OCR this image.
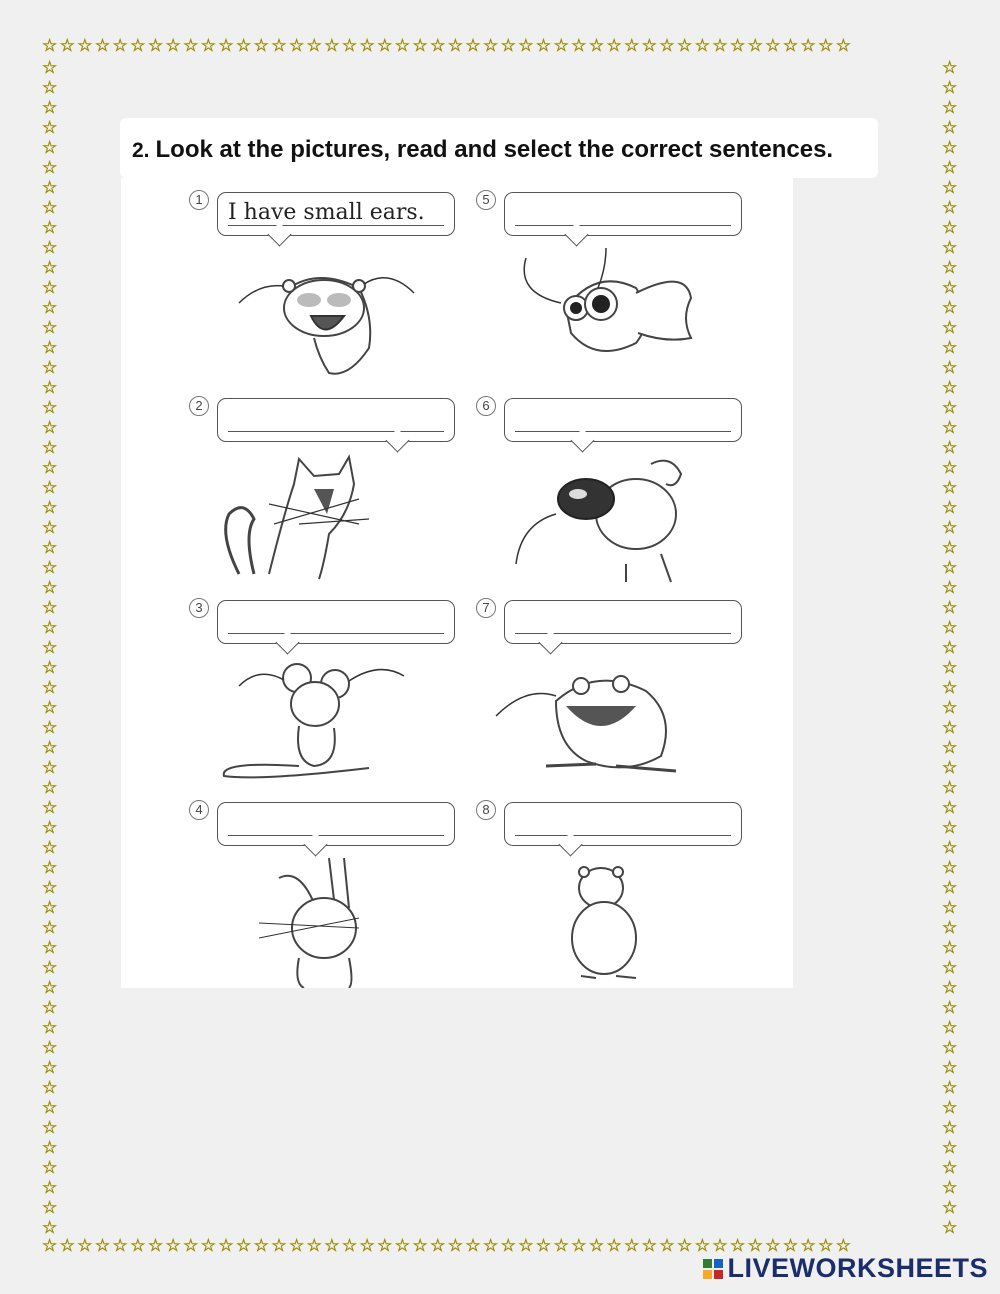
☆☆☆☆☆☆☆☆☆☆☆☆☆☆☆☆☆☆☆☆☆☆☆☆☆☆☆☆☆☆☆☆☆☆☆☆☆☆☆☆☆☆☆☆☆☆
☆☆☆☆☆☆☆☆☆☆☆☆☆☆☆☆☆☆☆☆☆☆☆☆☆☆☆☆☆☆☆☆☆☆☆☆☆☆☆☆☆☆☆☆☆☆
☆
☆
☆
☆
☆
☆
☆
☆
☆
☆
☆
☆
☆
☆
☆
☆
☆
☆
☆
☆
☆
☆
☆
☆
☆
☆
☆
☆
☆
☆
☆
☆
☆
☆
☆
☆
☆
☆
☆
☆
☆
☆
☆
☆
☆
☆
☆
☆
☆
☆
☆
☆
☆
☆
☆
☆
☆
☆
☆
☆
☆
☆
☆
☆
☆
☆
☆
☆
☆
☆
☆
☆
☆
☆
☆
☆
☆
☆
☆
☆
☆
☆
☆
☆
☆
☆
☆
☆
☆
☆
☆
☆
☆
☆
☆
☆
☆
☆
☆
☆
☆
☆
☆
☆
☆
☆
☆
☆
☆
☆
☆
☆
☆
☆
☆
☆
☆
☆
2. Look at the pictures, read and select the correct sentences.
1
I have small ears.
2
3
4
5
6
7
8
LIVEWORKSHEETS
